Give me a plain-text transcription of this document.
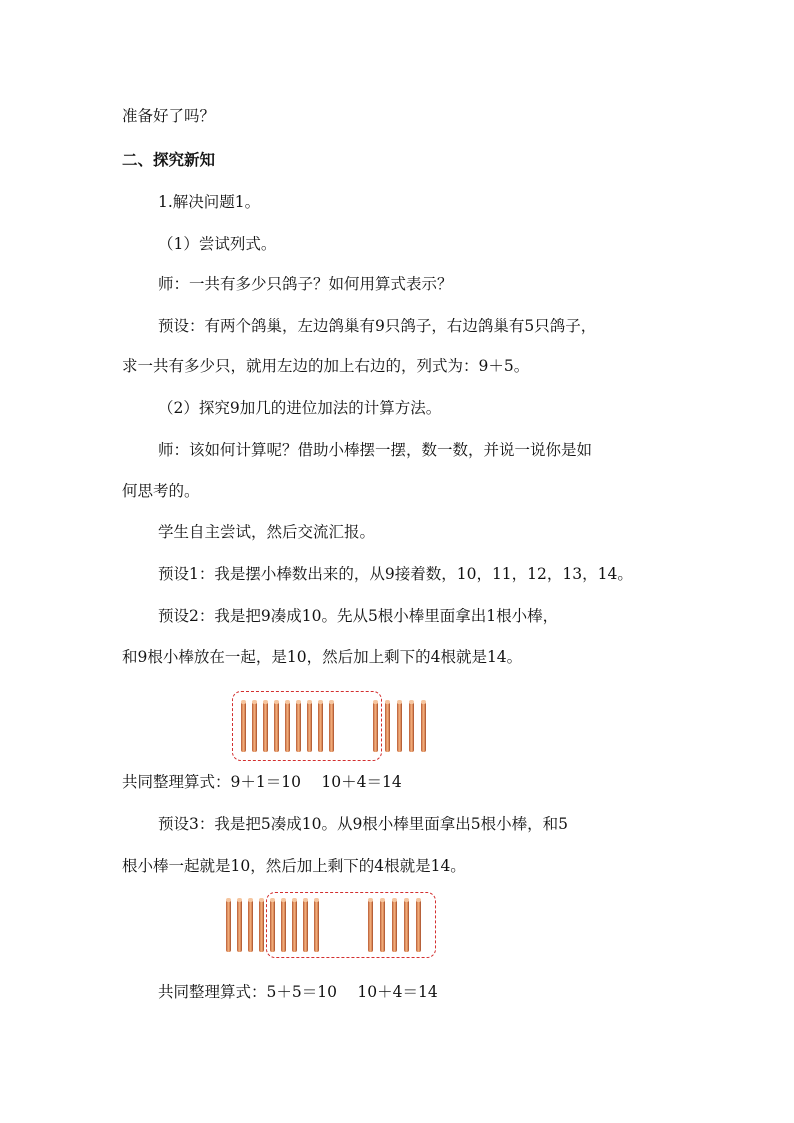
准备好了吗？
二、探究新知
1.解决问题1。
（1）尝试列式。
师：一共有多少只鸽子？如何用算式表示？
预设：有两个鸽巢，左边鸽巢有9只鸽子，右边鸽巢有5只鸽子，
求一共有多少只，就用左边的加上右边的，列式为：9＋5。
（2）探究9加几的进位加法的计算方法。
师：该如何计算呢？借助小棒摆一摆，数一数，并说一说你是如
何思考的。
学生自主尝试，然后交流汇报。
预设1：我是摆小棒数出来的，从9接着数，10，11，12，13，14。
预设2：我是把9凑成10。先从5根小棒里面拿出1根小棒，
和9根小棒放在一起，是10，然后加上剩下的4根就是14。
共同整理算式：9＋1＝10　 10＋4＝14
预设3：我是把5凑成10。从9根小棒里面拿出5根小棒，和5
根小棒一起就是10，然后加上剩下的4根就是14。
共同整理算式：5＋5＝10　 10＋4＝14
